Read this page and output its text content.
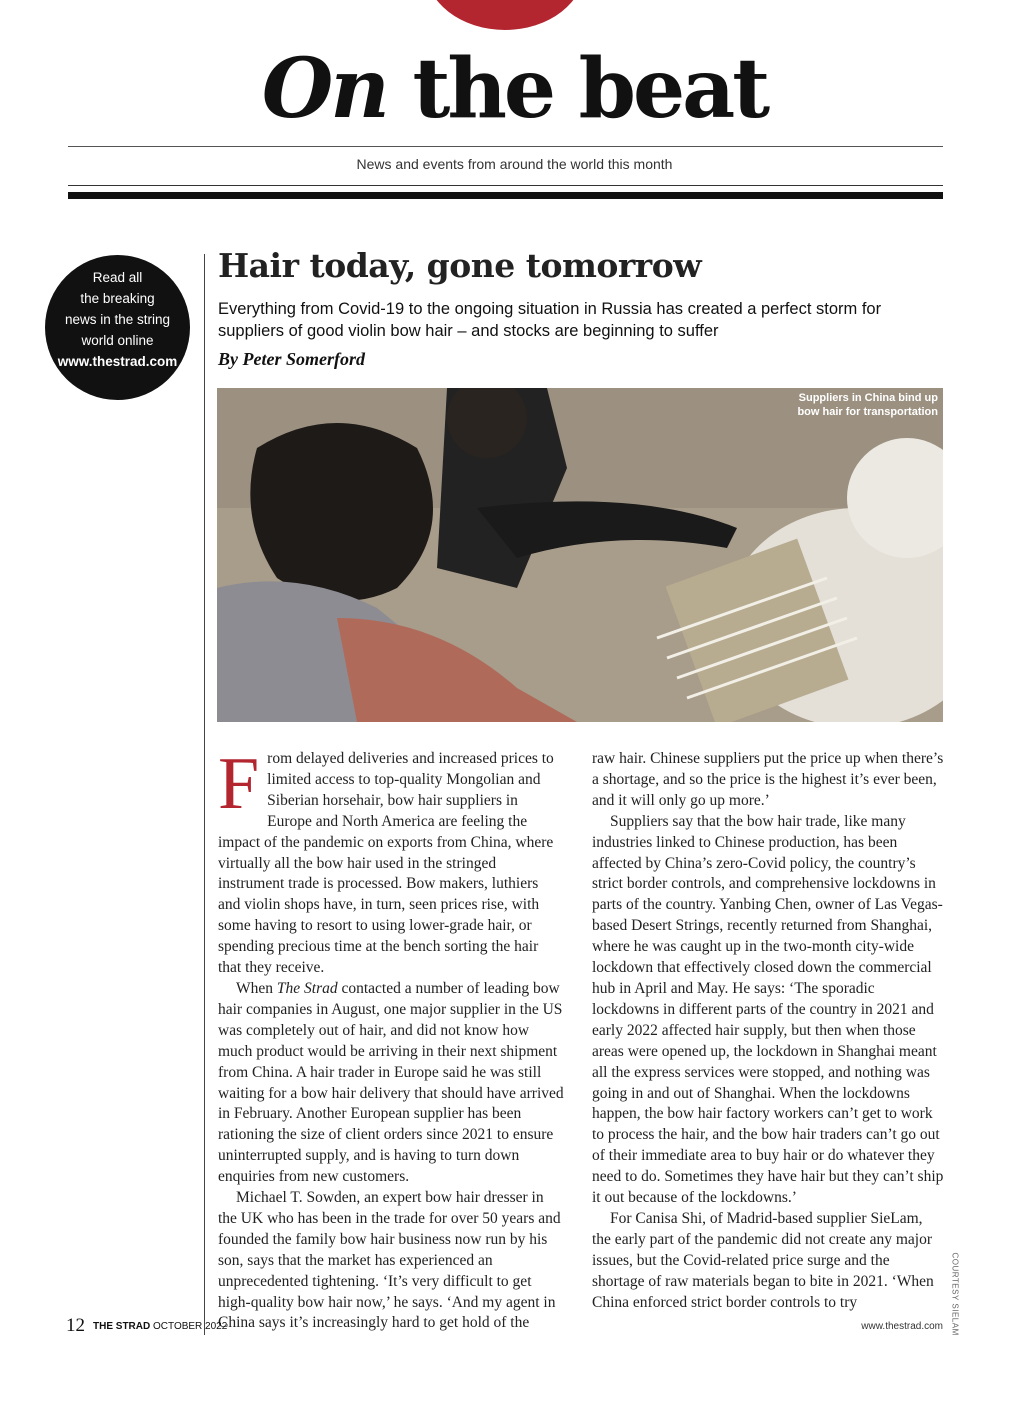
On the beat
News and events from around the world this month
Read all
the breaking
news in the string
world online
www.thestrad.com
Hair today, gone tomorrow

Everything from Covid-19 to the ongoing situation in Russia has created a perfect storm for suppliers of good violin bow hair – and stocks are beginning to suffer

By Peter Somerford
Suppliers in China bind up
bow hair for transportation

From delayed deliveries and increased prices to limited access to top-quality Mongolian and Siberian horsehair, bow hair suppliers in Europe and North America are feeling the impact of the pandemic on exports from China, where virtually all the bow hair used in the stringed instrument trade is processed. Bow makers, luthiers and violin shops have, in turn, seen prices rise, with some having to resort to using lower-grade hair, or spending precious time at the bench sorting the hair that they receive.

When The Strad contacted a number of leading bow hair companies in August, one major supplier in the US was completely out of hair, and did not know how much product would be arriving in their next shipment from China. A hair trader in Europe said he was still waiting for a bow hair delivery that should have arrived in February. Another European supplier has been rationing the size of client orders since 2021 to ensure uninterrupted supply, and is having to turn down enquiries from new customers.

Michael T. Sowden, an expert bow hair dresser in the UK who has been in the trade for over 50 years and founded the family bow hair business now run by his son, says that the market has experienced an unprecedented tightening. ‘It’s very difficult to get high-quality bow hair now,’ he says. ‘And my agent in China says it’s increasingly hard to get hold of the

raw hair. Chinese suppliers put the price up when there’s a shortage, and so the price is the highest it’s ever been, and it will only go up more.’

Suppliers say that the bow hair trade, like many industries linked to Chinese production, has been affected by China’s zero-Covid policy, the country’s strict border controls, and comprehensive lockdowns in parts of the country. Yanbing Chen, owner of Las Vegas-based Desert Strings, recently returned from Shanghai, where he was caught up in the two-month city-wide lockdown that effectively closed down the commercial hub in April and May. He says: ‘The sporadic lockdowns in different parts of the country in 2021 and early 2022 affected hair supply, but then when those areas were opened up, the lockdown in Shanghai meant all the express services were stopped, and nothing was going in and out of Shanghai. When the lockdowns happen, the bow hair factory workers can’t get to work to process the hair, and the bow hair traders can’t go out of their immediate area to buy hair or do whatever they need to do. Sometimes they have hair but they can’t ship it out because of the lockdowns.’

For Canisa Shi, of Madrid-based supplier SieLam, the early part of the pandemic did not create any major issues, but the Covid-related price surge and the shortage of raw materials began to bite in 2021. ‘When China enforced strict border controls to try	COURTESY SIELAM
12 THE STRAD OCTOBER 2022	www.thestrad.com
